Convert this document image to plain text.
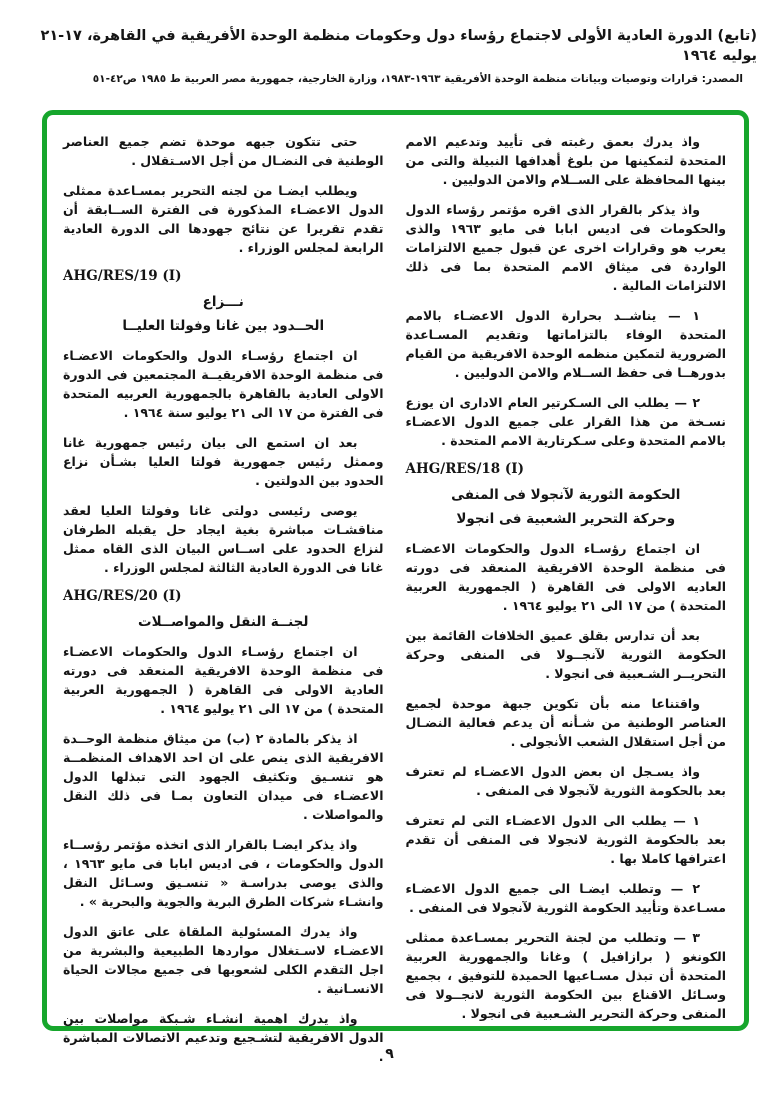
(تابع) الدورة العادية الأولى لاجتماع رؤساء دول وحكومات منظمة الوحدة الأفريقية في القاهرة، ١٧-٢١ يوليه ١٩٦٤
المصدر: قرارات وتوصيات وبيانات منظمة الوحدة الأفريقية ١٩٦٣-١٩٨٣، وزارة الخارجية، جمهورية مصر العربية ط ١٩٨٥ ص٤٢-٥١

واذ يدرك بعمق رغبته فى تأييد وتدعيم الامم المتحدة لتمكينها من بلوغ أهدافها النبيلة والتى من بينها المحافظة على الســلام والامن الدوليين .

واذ يذكر بالقرار الذى اقره مؤتمر رؤساء الدول والحكومات فى اديس ابابا فى مايو ١٩٦٣ والذى يعرب هو وقرارات اخرى عن قبول جميع الالتزامات الواردة فى ميثاق الامم المتحدة بما فى ذلك الالتزامات المالية .

١ — يناشــد بحرارة الدول الاعضـاء بالامم المتحدة الوفاء بالتزاماتها وتقديم المسـاعدة الضرورية لتمكين منظمه الوحدة الافريقية من القيام بدورهــا فى حفظ الســلام والامن الدوليين .

٢ — يطلب الى السـكرتير العام الادارى ان يوزع نسـخة من هذا القرار على جميع الدول الاعضـاء بالامم المتحدة وعلى سـكرتارية الامم المتحدة .

AHG/RES/18 (I)

الحكومة الثورية لآنجولا فى المنفى
وحركة التحرير الشعبية فى انجولا

ان اجتماع رؤسـاء الدول والحكومات الاعضـاء فى منظمة الوحدة الافريقية المنعقد فى دورته العاديه الاولى فى القاهرة ( الجمهورية العربية المتحدة ) من ١٧ الى ٢١ يوليو ١٩٦٤ .

بعد أن تدارس بقلق عميق الخلافات القائمة بين الحكومة الثورية لآنجــولا فى المنفى وحركة التحريــر الشـعبية فى انجولا .

واقتناعا منه بأن تكوين جبهة موحدة لجميع العناصر الوطنية من شـأنه أن يدعم فعالية النضـال من أجل استقلال الشعب الأنجولى .

واذ يسـجل ان بعض الدول الاعضـاء لم تعترف بعد بالحكومة الثورية لآنجولا فى المنفى .

١ — يطلب الى الدول الاعضـاء التى لم تعترف بعد بالحكومة الثورية لانجولا فى المنفى أن تقدم اعترافها كاملا بها .

٢ — وتطلب ايضـا الى جميع الدول الاعضـاء مسـاعدة وتأييد الحكومة الثورية لآنجولا فى المنفى .

٣ — وتطلب من لجنة التحرير بمسـاعدة ممثلى الكونغو ( برازافيل ) وغانا والجمهورية العربية المتحدة أن تبذل مسـاعيها الحميدة للتوفيق ، بجميع وسـائل الاقناع بين الحكومة الثورية لانجــولا فى المنفى وحركة التحرير الشـعبية فى انجولا .

حتى تتكون جبهه موحدة تضم جميع العناصر الوطنية فى النضـال من أجل الاسـتقلال .

ويطلب ايضـا من لجنه التحرير بمسـاعدة ممثلى الدول الاعضـاء المذكورة فى الفترة الســابقة أن تقدم تقريرا عن نتائج جهودها الى الدورة العادية الرابعة لمجلس الوزراء .

AHG/RES/19 (I)

نـــزاع
الحــدود بين غانا وفولتا العليــا

ان اجتماع رؤسـاء الدول والحكومات الاعضـاء فى منظمة الوحدة الافريقيــة المجتمعين فى الدورة الاولى العادية بالقاهرة بالجمهورية العربيه المتحدة فى الفترة من ١٧ الى ٢١ يوليو سنة ١٩٦٤ .

بعد ان استمع الى بيان رئيس جمهورية غانا وممثل رئيس جمهورية فولتا العليا بشـأن نزاع الحدود بين الدولتين .

يوصى رئيسى دولتى غانا وفولتا العليا لعقد مناقشـات مباشرة بغية ايجاد حل يقبله الطرفان لنزاع الحدود على اســاس البيان الذى القاه ممثل غانا فى الدورة العادية الثالثة لمجلس الوزراء .

AHG/RES/20 (I)

لجنــة النقل والمواصــلات

ان اجتماع رؤسـاء الدول والحكومات الاعضـاء فى منظمة الوحدة الافريقية المنعقد فى دورته العادية الاولى فى القاهرة ( الجمهورية العربية المتحدة ) من ١٧ الى ٢١ يوليو ١٩٦٤ .

اذ يذكر بالمادة ٢ (ب) من ميثاق منظمة الوحــدة الافريقية الذى ينص على ان احد الاهداف المنظمــة هو تنسـيق وتكثيف الجهود التى تبذلها الدول الاعضـاء فى ميدان التعاون بمـا فى ذلك النقل والمواصلات .

واذ يذكر ايضـا بالقرار الذى اتخذه مؤتمر رؤســاء الدول والحكومات ، فى اديس ابابا فى مايو ١٩٦٣ ، والذى يوصى بدراسـة « تنسـيق وسـائل النقل وانشـاء شركات الطرق البرية والجوية والبحرية » .

واذ يدرك المسئولية الملقاة على عاتق الدول الاعضـاء لاسـتغلال مواردها الطبيعية والبشرية من اجل التقدم الكلى لشعوبها فى جميع مجالات الحياة الانسـانية .

واذ يدرك اهمية انشـاء شـبكة مواصلات بين الدول الافريقية لتشـجيع وتدعيم الاتصالات المباشرة . ٩
